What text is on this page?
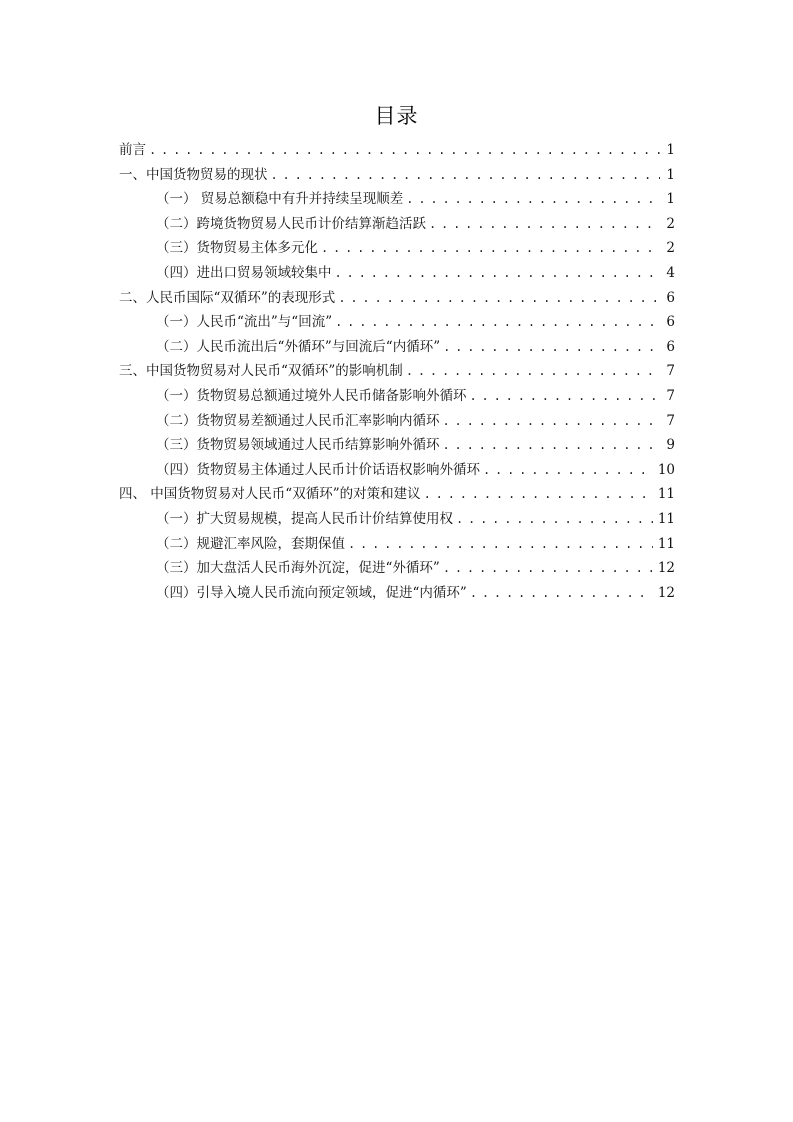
目录
前言 . . .	1
一、中国货物贸易的现状 . . .	1
（一） 贸易总额稳中有升并持续呈现顺差 . . .	1
（二）跨境货物贸易人民币计价结算渐趋活跃 . . .	2
（三）货物贸易主体多元化 . . .	2
（四）进出口贸易领域较集中 . . .	4
二、人民币国际“双循环”的表现形式 . . .	6
（一）人民币“流出”与“回流” . . .	6
（二）人民币流出后“外循环”与回流后“内循环” . . .	6
三、中国货物贸易对人民币“双循环”的影响机制 . . .	7
（一）货物贸易总额通过境外人民币储备影响外循环 . . .	7
（二）货物贸易差额通过人民币汇率影响内循环 . . .	7
（三）货物贸易领域通过人民币结算影响外循环 . . .	9
（四）货物贸易主体通过人民币计价话语权影响外循环 . . .	10
四、 中国货物贸易对人民币“双循环”的对策和建议 . . .	11
（一）扩大贸易规模，提高人民币计价结算使用权 . . .	11
（二）规避汇率风险，套期保值 . . .	11
（三）加大盘活人民币海外沉淀，促进“外循环” . . .	12
（四）引导入境人民币流向预定领域，促进“内循环” . . .	12
